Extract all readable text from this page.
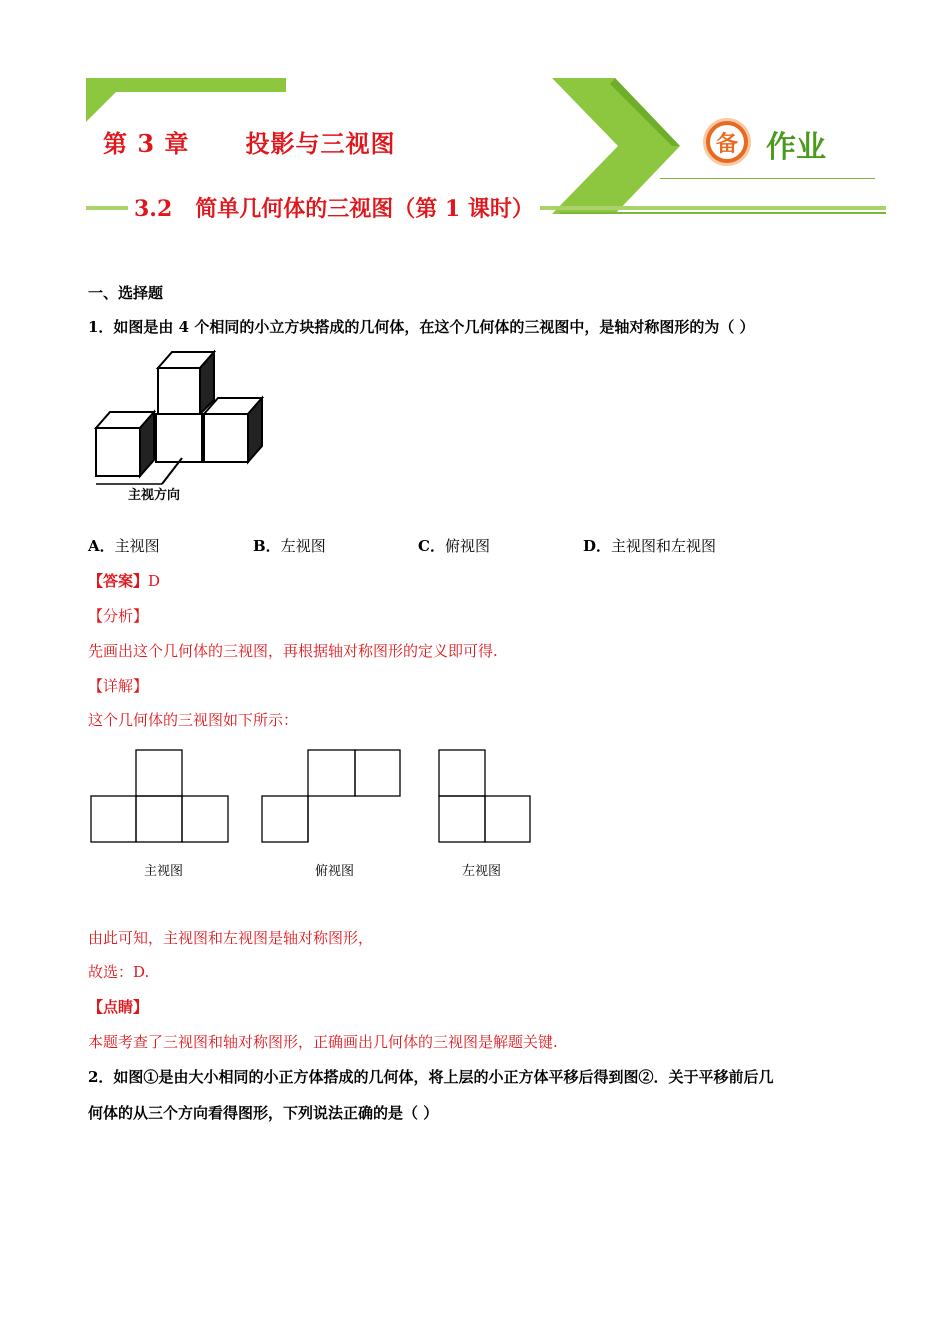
第 3 章      投影与三视图	备 作业
3.2   简单几何体的三视图（第 1 课时）
一、选择题
1．如图是由 4 个相同的小立方块搭成的几何体，在这个几何体的三视图中，是轴对称图形的为（ ）
主视方向
A．主视图	B．左视图	C．俯视图	D．主视图和左视图
【答案】D
【分析】
先画出这个几何体的三视图，再根据轴对称图形的定义即可得.
【详解】
这个几何体的三视图如下所示：
主视图	俯视图	左视图
由此可知，主视图和左视图是轴对称图形，
故选：D.
【点睛】
本题考查了三视图和轴对称图形，正确画出几何体的三视图是解题关键.
2．如图①是由大小相同的小正方体搭成的几何体，将上层的小正方体平移后得到图②．关于平移前后几
何体的从三个方向看得图形，下列说法正确的是（ ）
